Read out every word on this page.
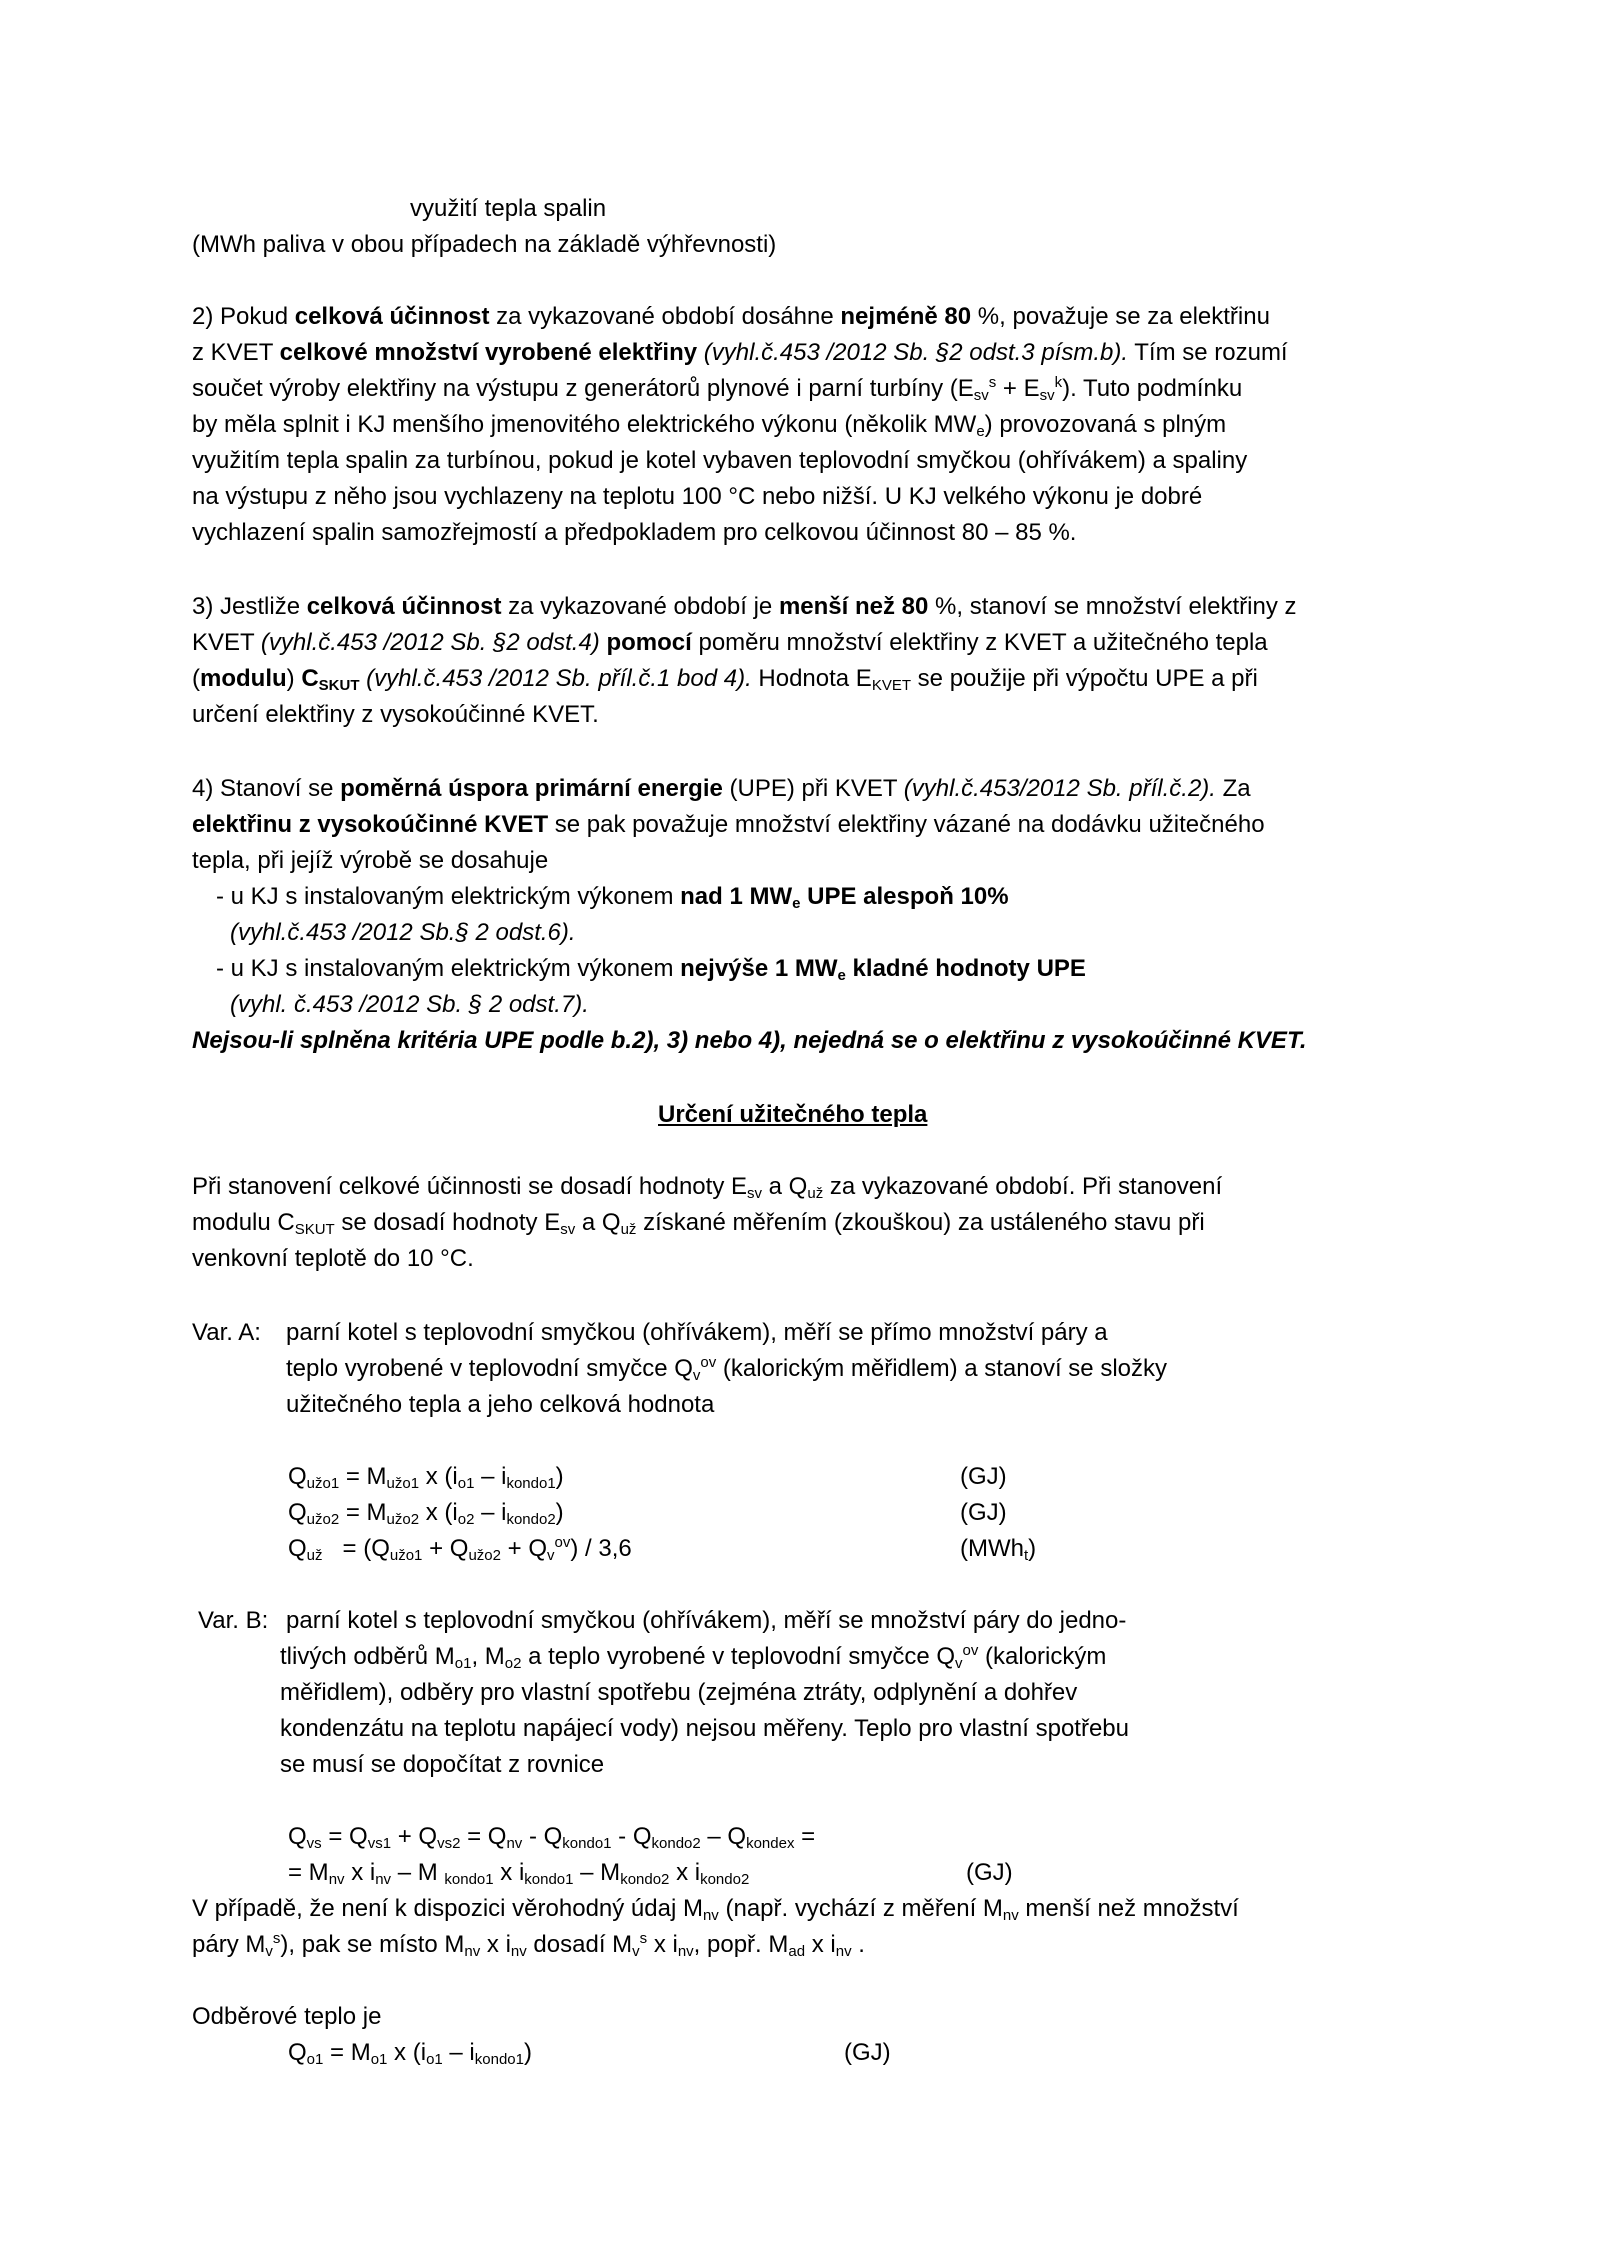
využití tepla spalin
(MWh paliva v obou případech na základě výhřevnosti)
2) Pokud celková účinnost za vykazované období dosáhne nejméně 80 %, považuje se za elektřinu
z KVET celkové množství vyrobené elektřiny (vyhl.č.453 /2012 Sb. §2 odst.3 písm.b). Tím se rozumí
součet výroby elektřiny na výstupu z generátorů plynové i parní turbíny $(E_{sv}^s + E_{sv}^k)$. Tuto podmínku
by měla splnit i KJ menšího jmenovitého elektrického výkonu (několik $MW_e$) provozovaná s plným
využitím tepla spalin za turbínou, pokud je kotel vybaven teplovodní smyčkou (ohřívákem) a spaliny
na výstupu z něho jsou vychlazeny na teplotu 100 °C nebo nižší. U KJ velkého výkonu je dobré
vychlazení spalin samozřejmostí a předpokladem pro celkovou účinnost 80 – 85 %.
3) Jestliže celková účinnost za vykazované období je menší než 80 %, stanoví se množství elektřiny z
KVET (vyhl.č.453 /2012 Sb. §2 odst.4) pomocí poměru množství elektřiny z KVET a užitečného tepla
(modulu) $C_{SKUT}$ (vyhl.č.453 /2012 Sb. příl.č.1 bod 4). Hodnota $E_{KVET}$ se použije při výpočtu UPE a při
určení elektřiny z vysokoúčinné KVET.
4) Stanoví se poměrná úspora primární energie (UPE) při KVET (vyhl.č.453/2012 Sb. příl.č.2). Za
elektřinu z vysokoúčinné KVET se pak považuje množství elektřiny vázané na dodávku užitečného
tepla, při jejíž výrobě se dosahuje
- u KJ s instalovaným elektrickým výkonem nad 1 $MW_e$ UPE alespoň 10%
(vyhl.č.453 /2012 Sb.§ 2 odst.6).
- u KJ s instalovaným elektrickým výkonem nejvýše 1 $MW_e$ kladné hodnoty UPE
(vyhl. č.453 /2012 Sb. § 2 odst.7).
Nejsou-li splněna kritéria UPE podle b.2), 3) nebo 4), nejedná se o elektřinu z vysokoúčinné KVET.
Určení užitečného tepla
Při stanovení celkové účinnosti se dosadí hodnoty $E_{sv}$ a $Q_{už}$ za vykazované období. Při stanovení
modulu $C_{SKUT}$ se dosadí hodnoty $E_{sv}$ a $Q_{už}$ získané měřením (zkouškou) za ustáleného stavu při
venkovní teplotě do 10 °C.
Var. A: parní kotel s teplovodní smyčkou (ohřívákem), měří se přímo množství páry a
teplo vyrobené v teplovodní smyčce $Q_v^{ov}$ (kalorickým měřidlem) a stanoví se složky
užitečného tepla a jeho celková hodnota
$Q_{užo1} = M_{užo1}$ x $(i_{o1} - i_{kondo1})$	(GJ)
$Q_{užo2} = M_{užo2}$ x $(i_{o2} - i_{kondo2})$	(GJ)
$Q_{už} = (Q_{užo1} + Q_{užo2} + Q_v^{ov}) / 3,6$	(MWh$_t$)
Var. B: parní kotel s teplovodní smyčkou (ohřívákem), měří se množství páry do jedno-
tlivých odběrů $M_{o1}$, $M_{o2}$ a teplo vyrobené v teplovodní smyčce $Q_v^{ov}$ (kalorickým
měřidlem), odběry pro vlastní spotřebu (zejména ztráty, odplynění a dohřev
kondenzátu na teplotu napájecí vody) nejsou měřeny. Teplo pro vlastní spotřebu
se musí se dopočítat z rovnice
$Q_{vs} = Q_{vs1} + Q_{vs2} = Q_{nv} - Q_{kondo1} - Q_{kondo2} - Q_{kondex}$ =
= $M_{nv}$ x $i_{nv}$ – M $_{kondo1}$ x $i_{kondo1} - M_{kondo2}$ x $i_{kondo2}$	(GJ)
V případě, že není k dispozici věrohodný údaj $M_{nv}$ (např. vychází z měření $M_{nv}$ menší než množství
páry $M_v^s$), pak se místo $M_{nv}$ x $i_{nv}$ dosadí $M_v^s$ x $i_{nv}$, popř. $M_{ad}$ x $i_{nv}$ .
Odběrové teplo je
$Q_{o1} = M_{o1}$ x $(i_{o1} - i_{kondo1})$	(GJ)
